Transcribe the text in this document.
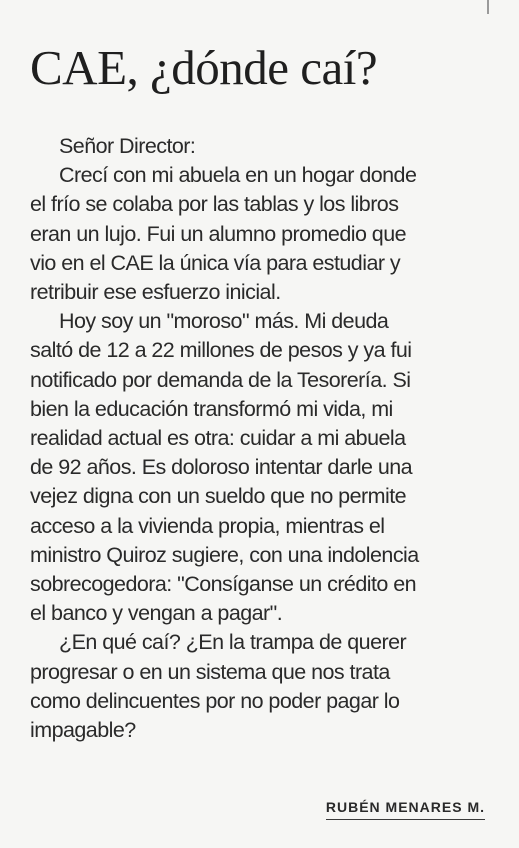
CAE, ¿dónde caí?
Señor Director:
Crecí con mi abuela en un hogar donde
el frío se colaba por las tablas y los libros
eran un lujo. Fui un alumno promedio que
vio en el CAE la única vía para estudiar y
retribuir ese esfuerzo inicial.
Hoy soy un "moroso" más. Mi deuda
saltó de 12 a 22 millones de pesos y ya fui
notificado por demanda de la Tesorería. Si
bien la educación transformó mi vida, mi
realidad actual es otra: cuidar a mi abuela
de 92 años. Es doloroso intentar darle una
vejez digna con un sueldo que no permite
acceso a la vivienda propia, mientras el
ministro Quiroz sugiere, con una indolencia
sobrecogedora: "Consíganse un crédito en
el banco y vengan a pagar".
¿En qué caí? ¿En la trampa de querer
progresar o en un sistema que nos trata
como delincuentes por no poder pagar lo
impagable?
RUBÉN MENARES M.
